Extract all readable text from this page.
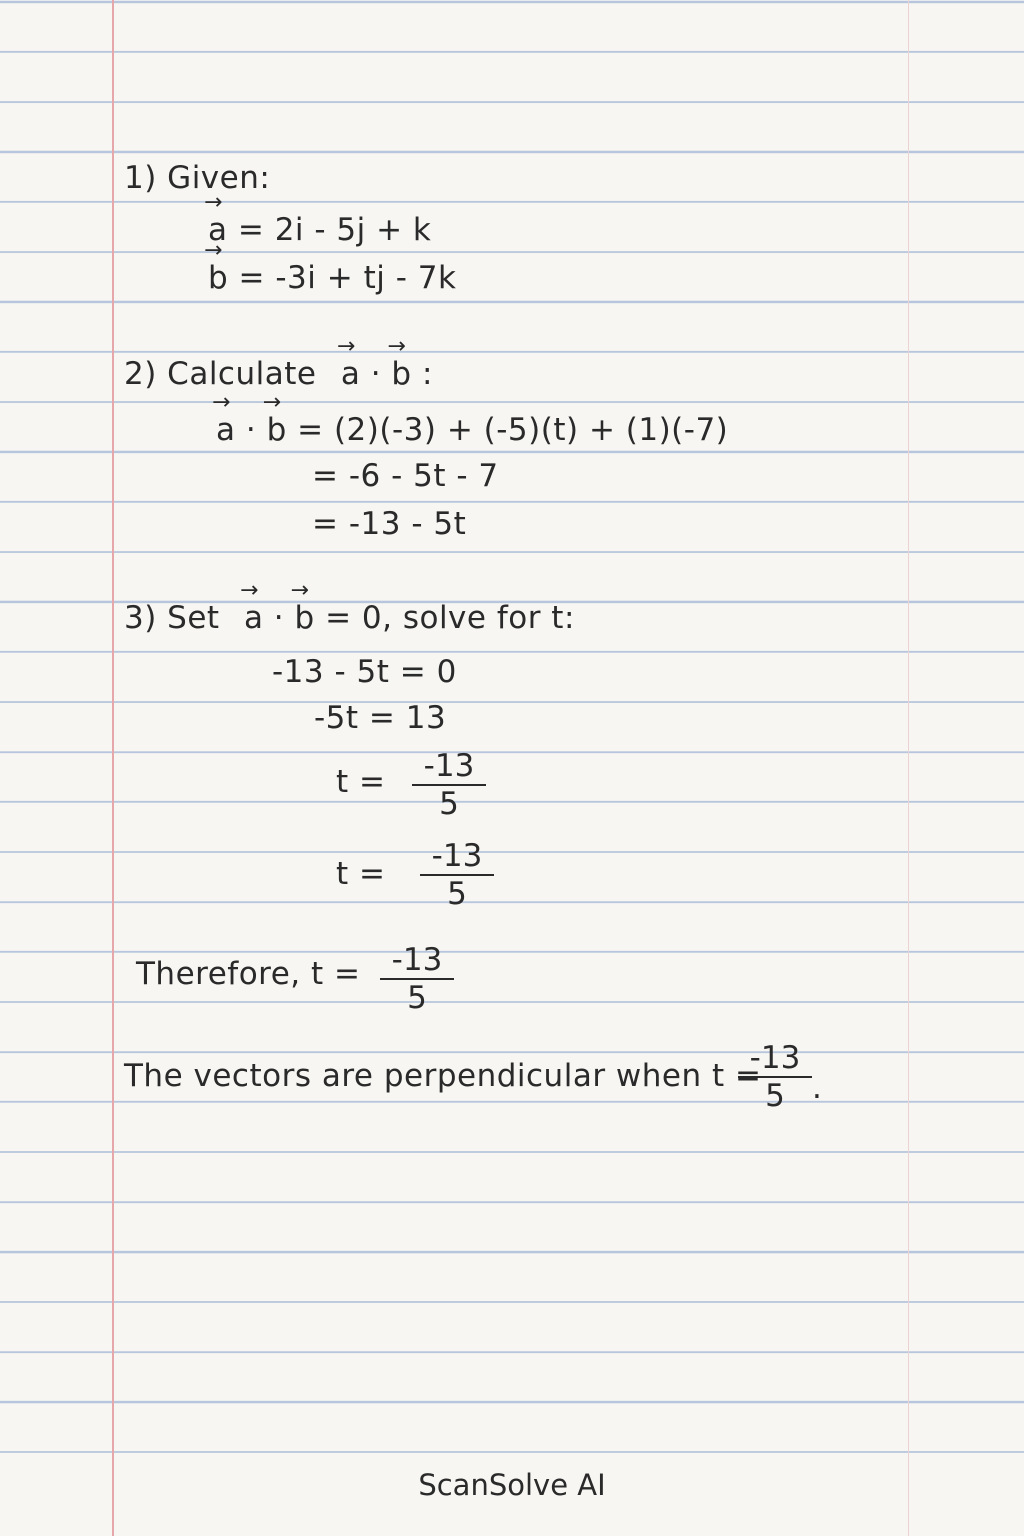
1) Given:
→ a = 2i - 5j + k
→ b = -3i + tj - 7k
2) Calculate → a · → b :
→ a · → b = (2)(-3) + (-5)(t) + (1)(-7)
= -6 - 5t - 7
= -13 - 5t
3) Set → a · → b = 0, solve for t:
-13 - 5t = 0
-5t = 13
$t = \frac{-13}{5}$
$t = \frac{-13}{5}$
Therefore, $t = \frac{-13}{5}$
The vectors are perpendicular when t =
$\frac{-13}{5}$ .
ScanSolve AI
